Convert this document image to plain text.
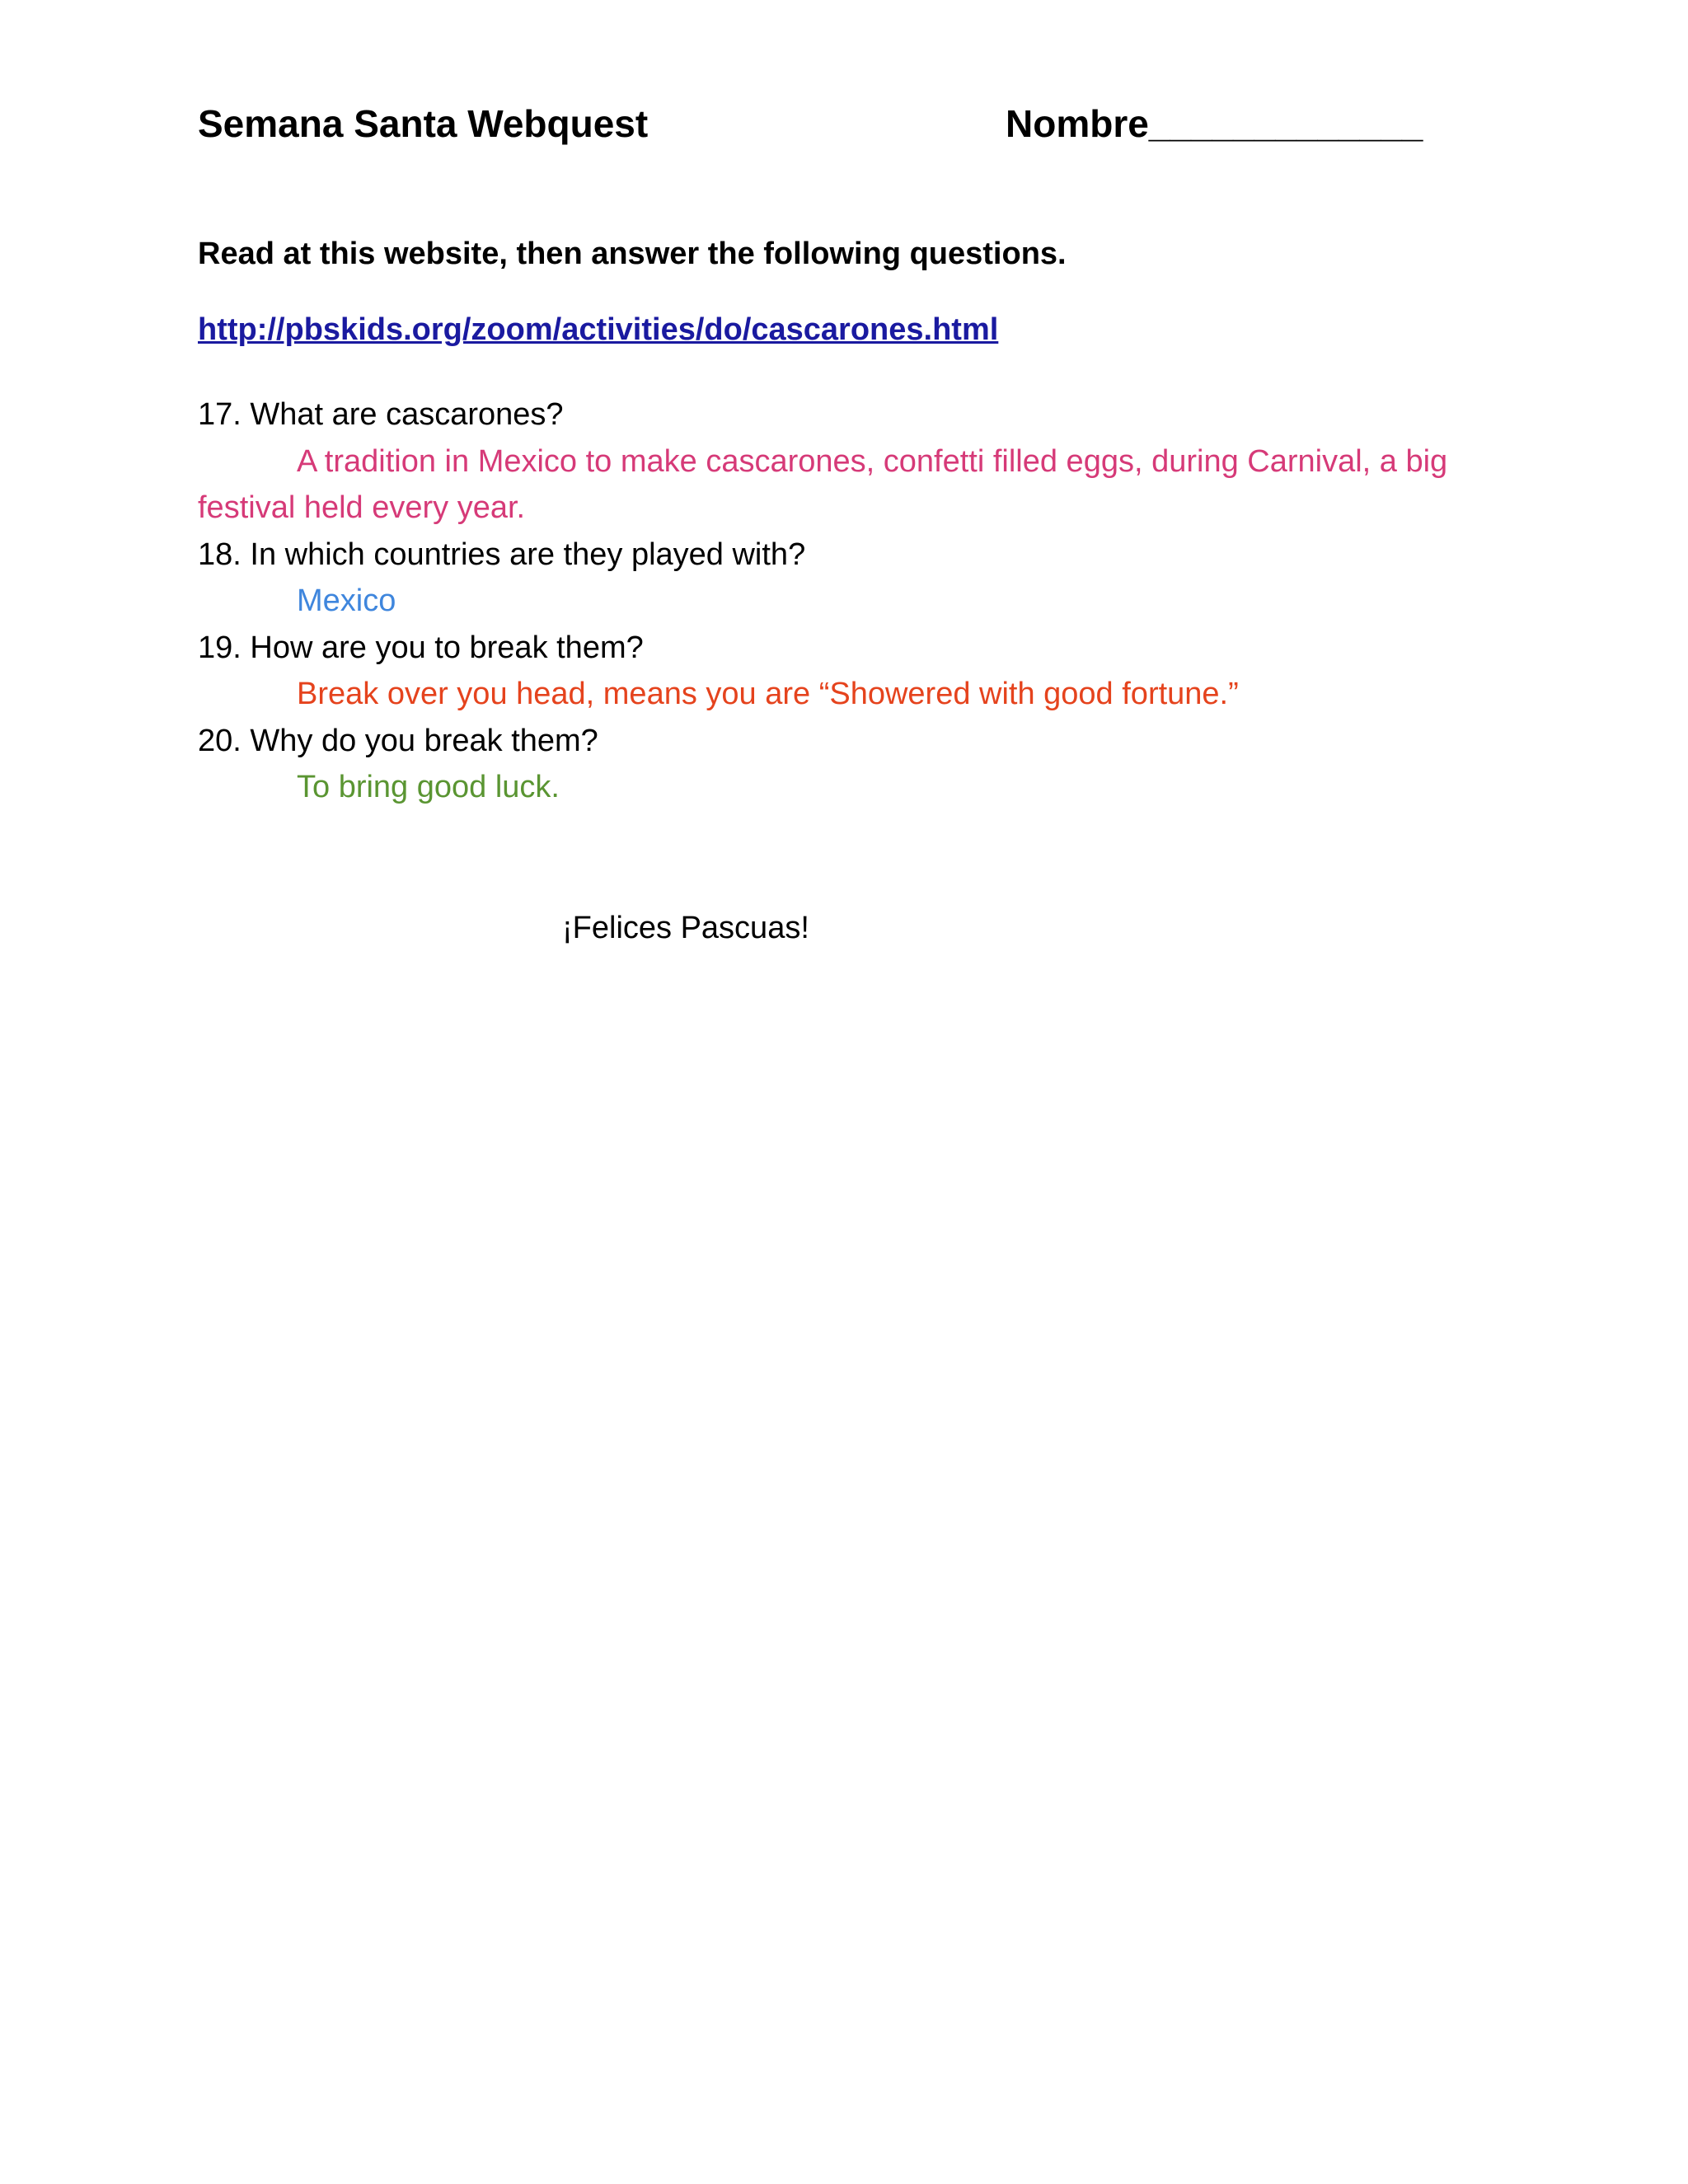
Semana Santa Webquest	Nombre_____________
Read at this website, then answer the following questions.
http://pbskids.org/zoom/activities/do/cascarones.html

17. What are cascarones?

A tradition in Mexico to make cascarones, confetti filled eggs, during Carnival, a big festival held every year.

18. In which countries are they played with?

Mexico

19. How are you to break them?

Break over you head, means you are “Showered with good fortune.”

20. Why do you break them?

To bring good luck.

¡Felices Pascuas!
